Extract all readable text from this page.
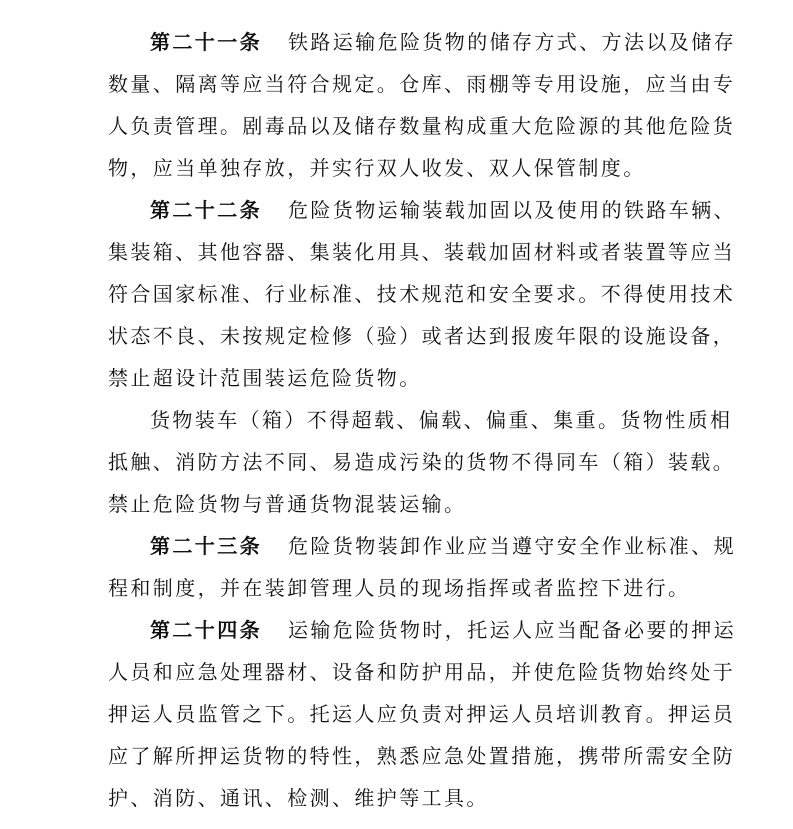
第二十一条 铁路运输危险货物的储存方式、方法以及储存
数量、隔离等应当符合规定。仓库、雨棚等专用设施，应当由专
人负责管理。剧毒品以及储存数量构成重大危险源的其他危险货
物，应当单独存放，并实行双人收发、双人保管制度。
第二十二条 危险货物运输装载加固以及使用的铁路车辆、
集装箱、其他容器、集装化用具、装载加固材料或者装置等应当
符合国家标准、行业标准、技术规范和安全要求。不得使用技术
状态不良、未按规定检修（验）或者达到报废年限的设施设备，
禁止超设计范围装运危险货物。
货物装车（箱）不得超载、偏载、偏重、集重。货物性质相
抵触、消防方法不同、易造成污染的货物不得同车（箱）装载。
禁止危险货物与普通货物混装运输。
第二十三条 危险货物装卸作业应当遵守安全作业标准、规
程和制度，并在装卸管理人员的现场指挥或者监控下进行。
第二十四条 运输危险货物时，托运人应当配备必要的押运
人员和应急处理器材、设备和防护用品，并使危险货物始终处于
押运人员监管之下。托运人应负责对押运人员培训教育。押运员
应了解所押运货物的特性，熟悉应急处置措施，携带所需安全防
护、消防、通讯、检测、维护等工具。
